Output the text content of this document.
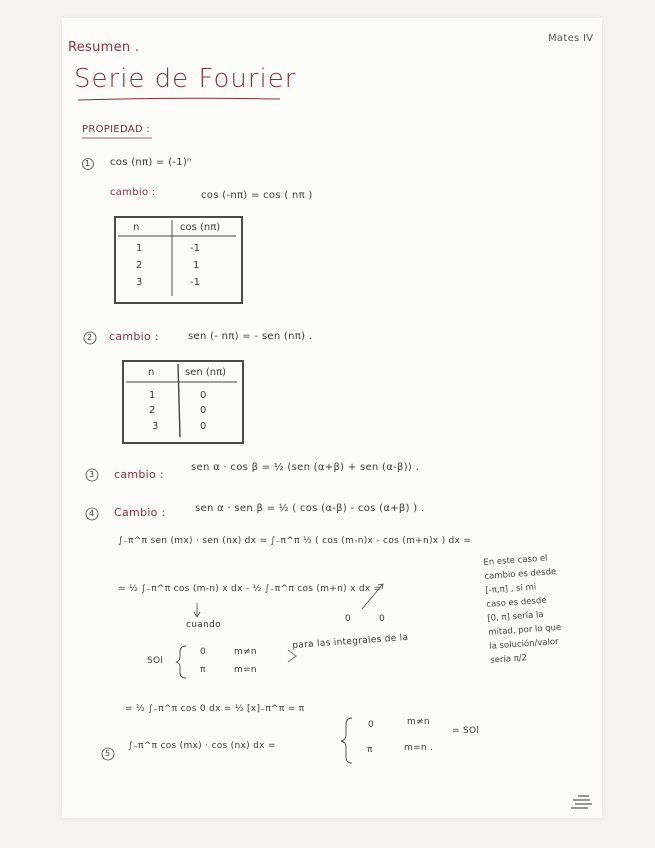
Resumen .
Mates IV
Serie de Fourier
PROPIEDAD :
1 cos (nπ) = (-1)ⁿ
cambio :	cos (-nπ) = cos ( nπ )
n	cos (nπ)
1	-1
2	1
3	-1
2 cambio :	sen (- nπ) = - sen (nπ) .
n	sen (nπ)
1	0
2	0
3	0
3 cambio :
sen α · cos β = ½ (sen (α+β) + sen (α-β)) .
4 Cambio :	sen α · sen β = ½ ( cos (α-β) - cos (α+β) ) .
∫₋π^π sen (mx) · sen (nx) dx = ∫₋π^π ½ ( cos (m-n)x - cos (m+n)x ) dx =
= ½ ∫₋π^π cos (m-n) x dx - ½ ∫₋π^π cos (m+n) x dx =
cuando
0	0
SOl
0	m≠n
π	m=n
para las integrales de la
En este caso el
cambio es desde
[-π,π] , si mi
caso es desde
[0, π] sería la
mitad, por lo que
la solución/valor
sería π/2
= ½ ∫₋π^π cos 0 dx = ½ [x]₋π^π = π
5
∫₋π^π cos (mx) · cos (nx) dx =
0	m≠n
π	m=n .
= SOl
